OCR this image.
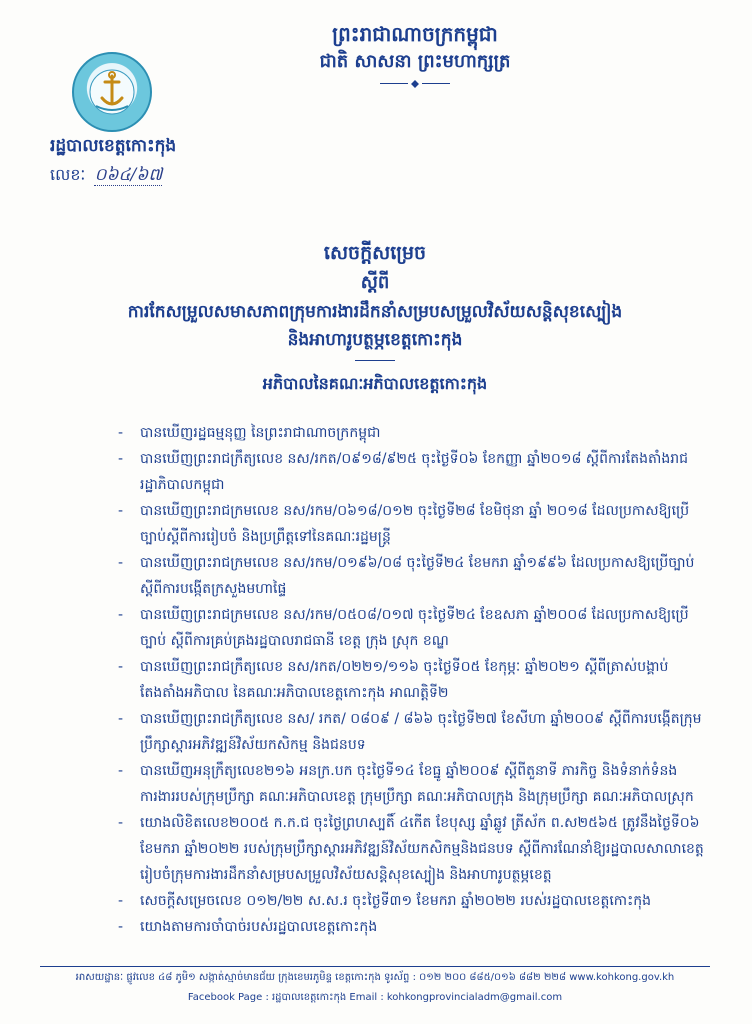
ព្រះរាជាណាចក្រកម្ពុជា
ជាតិ សាសនា ព្រះមហាក្សត្រ
រដ្ឋបាលខេត្តកោះកុង
លេខៈ ០៦៤/៦៧
សេចក្ដីសម្រេច
ស្ដីពី
ការកែសម្រួលសមាសភាពក្រុមការងារដឹកនាំសម្របសម្រួលវិស័យសន្តិសុខស្បៀង
និងអាហារូបត្ថម្ភខេត្តកោះកុង
អភិបាលនៃគណៈអភិបាលខេត្តកោះកុង
- បានឃើញរដ្ឋធម្មនុញ្ញ នៃព្រះរាជាណាចក្រកម្ពុជា
- បានឃើញព្រះរាជក្រឹត្យលេខ នស/រកត/០៩១៨/៩២៥ ចុះថ្ងៃទី០៦ ខែកញ្ញា ឆ្នាំ២០១៨ ស្តីពីការតែងតាំងរាជរដ្ឋាភិបាលកម្ពុជា
- បានឃើញព្រះរាជក្រមលេខ នស/រកម/០៦១៨/០១២ ចុះថ្ងៃទី២៨ ខែមិថុនា ឆ្នាំ ២០១៨ ដែលប្រកាសឱ្យប្រើច្បាប់ស្តីពីការរៀបចំ និងប្រព្រឹត្តទៅនៃគណៈរដ្ឋមន្ត្រី
- បានឃើញព្រះរាជក្រមលេខ នស/រកម/០១៩៦/០៨ ចុះថ្ងៃទី២៤ ខែមករា ឆ្នាំ១៩៩៦ ដែលប្រកាសឱ្យប្រើច្បាប់ស្តីពីការបង្កើតក្រសួងមហាផ្ទៃ
- បានឃើញព្រះរាជក្រមលេខ នស/រកម/០៥០៨/០១៧ ចុះថ្ងៃទី២៤ ខែឧសភា ឆ្នាំ២០០៨ ដែលប្រកាសឱ្យប្រើច្បាប់ ស្តីពីការគ្រប់គ្រងរដ្ឋបាលរាជធានី ខេត្ត ក្រុង ស្រុក ខណ្ឌ
- បានឃើញព្រះរាជក្រឹត្យលេខ នស/រកត/០២២១/១១៦ ចុះថ្ងៃទី០៥ ខែកុម្ភៈ ឆ្នាំ២០២១ ស្តីពីត្រាស់បង្គាប់តែងតាំងអភិបាល នៃគណៈអភិបាលខេត្តកោះកុង អាណត្តិទី២
- បានឃើញព្រះរាជក្រឹត្យលេខ នស/ រកត/ ០៨០៩ / ៨៦៦ ចុះថ្ងៃទី២៧ ខែសីហា ឆ្នាំ២០០៩ ស្តីពីការបង្កើតក្រុមប្រឹក្សាស្ដារអភិវឌ្ឍន៍វិស័យកសិកម្ម និងជនបទ
- បានឃើញអនុក្រឹត្យលេខ២១៦ អនក្រ.បក ចុះថ្ងៃទី១៤ ខែធ្នូ ឆ្នាំ២០០៩ ស្តីពីតួនាទី ភារកិច្ច និងទំនាក់ទំនងការងាររបស់ក្រុមប្រឹក្សា គណៈអភិបាលខេត្ត ក្រុមប្រឹក្សា គណៈអភិបាលក្រុង និងក្រុមប្រឹក្សា គណៈអភិបាលស្រុក
- យោងលិខិតលេខ២០០៥ ក.ក.ជ ចុះថ្ងៃព្រហស្បតិ៍ ៤កើត ខែបុស្ស ឆ្នាំឆ្លូវ ត្រីស័ក ព.ស២៥៦៥ ត្រូវនឹងថ្ងៃទី០៦ ខែមករា ឆ្នាំ២០២២ របស់ក្រុមប្រឹក្សាស្ដារអភិវឌ្ឍន៍វិស័យកសិកម្មនិងជនបទ ស្តីពីការណែនាំឱ្យរដ្ឋបាលសាលាខេត្តរៀបចំក្រុមការងារដឹកនាំសម្របសម្រួលវិស័យសន្តិសុខស្បៀង និងអាហារូបត្ថម្ភខេត្ត
- សេចក្តីសម្រេចលេខ ០១២/២២ ស.ស.រ ចុះថ្ងៃទី៣១ ខែមករា ឆ្នាំ២០២២ របស់រដ្ឋបាលខេត្តកោះកុង
- យោងតាមការចាំបាច់របស់រដ្ឋបាលខេត្តកោះកុង
អាសយដ្ឋានៈ ផ្លូវលេខ ៤៨ ភូមិ១ សង្កាត់ស្មាច់មានជ័យ ក្រុងខេមរភូមិន្ទ ខេត្តកោះកុង ទូរស័ព្ទ : ០១២ ២០០ ៨៨៥/០១៦ ៨៨២ ២២៨ www.kohkong.gov.kh
Facebook Page : រដ្ឋបាលខេត្តកោះកុង Email : kohkongprovincialadm@gmail.com
